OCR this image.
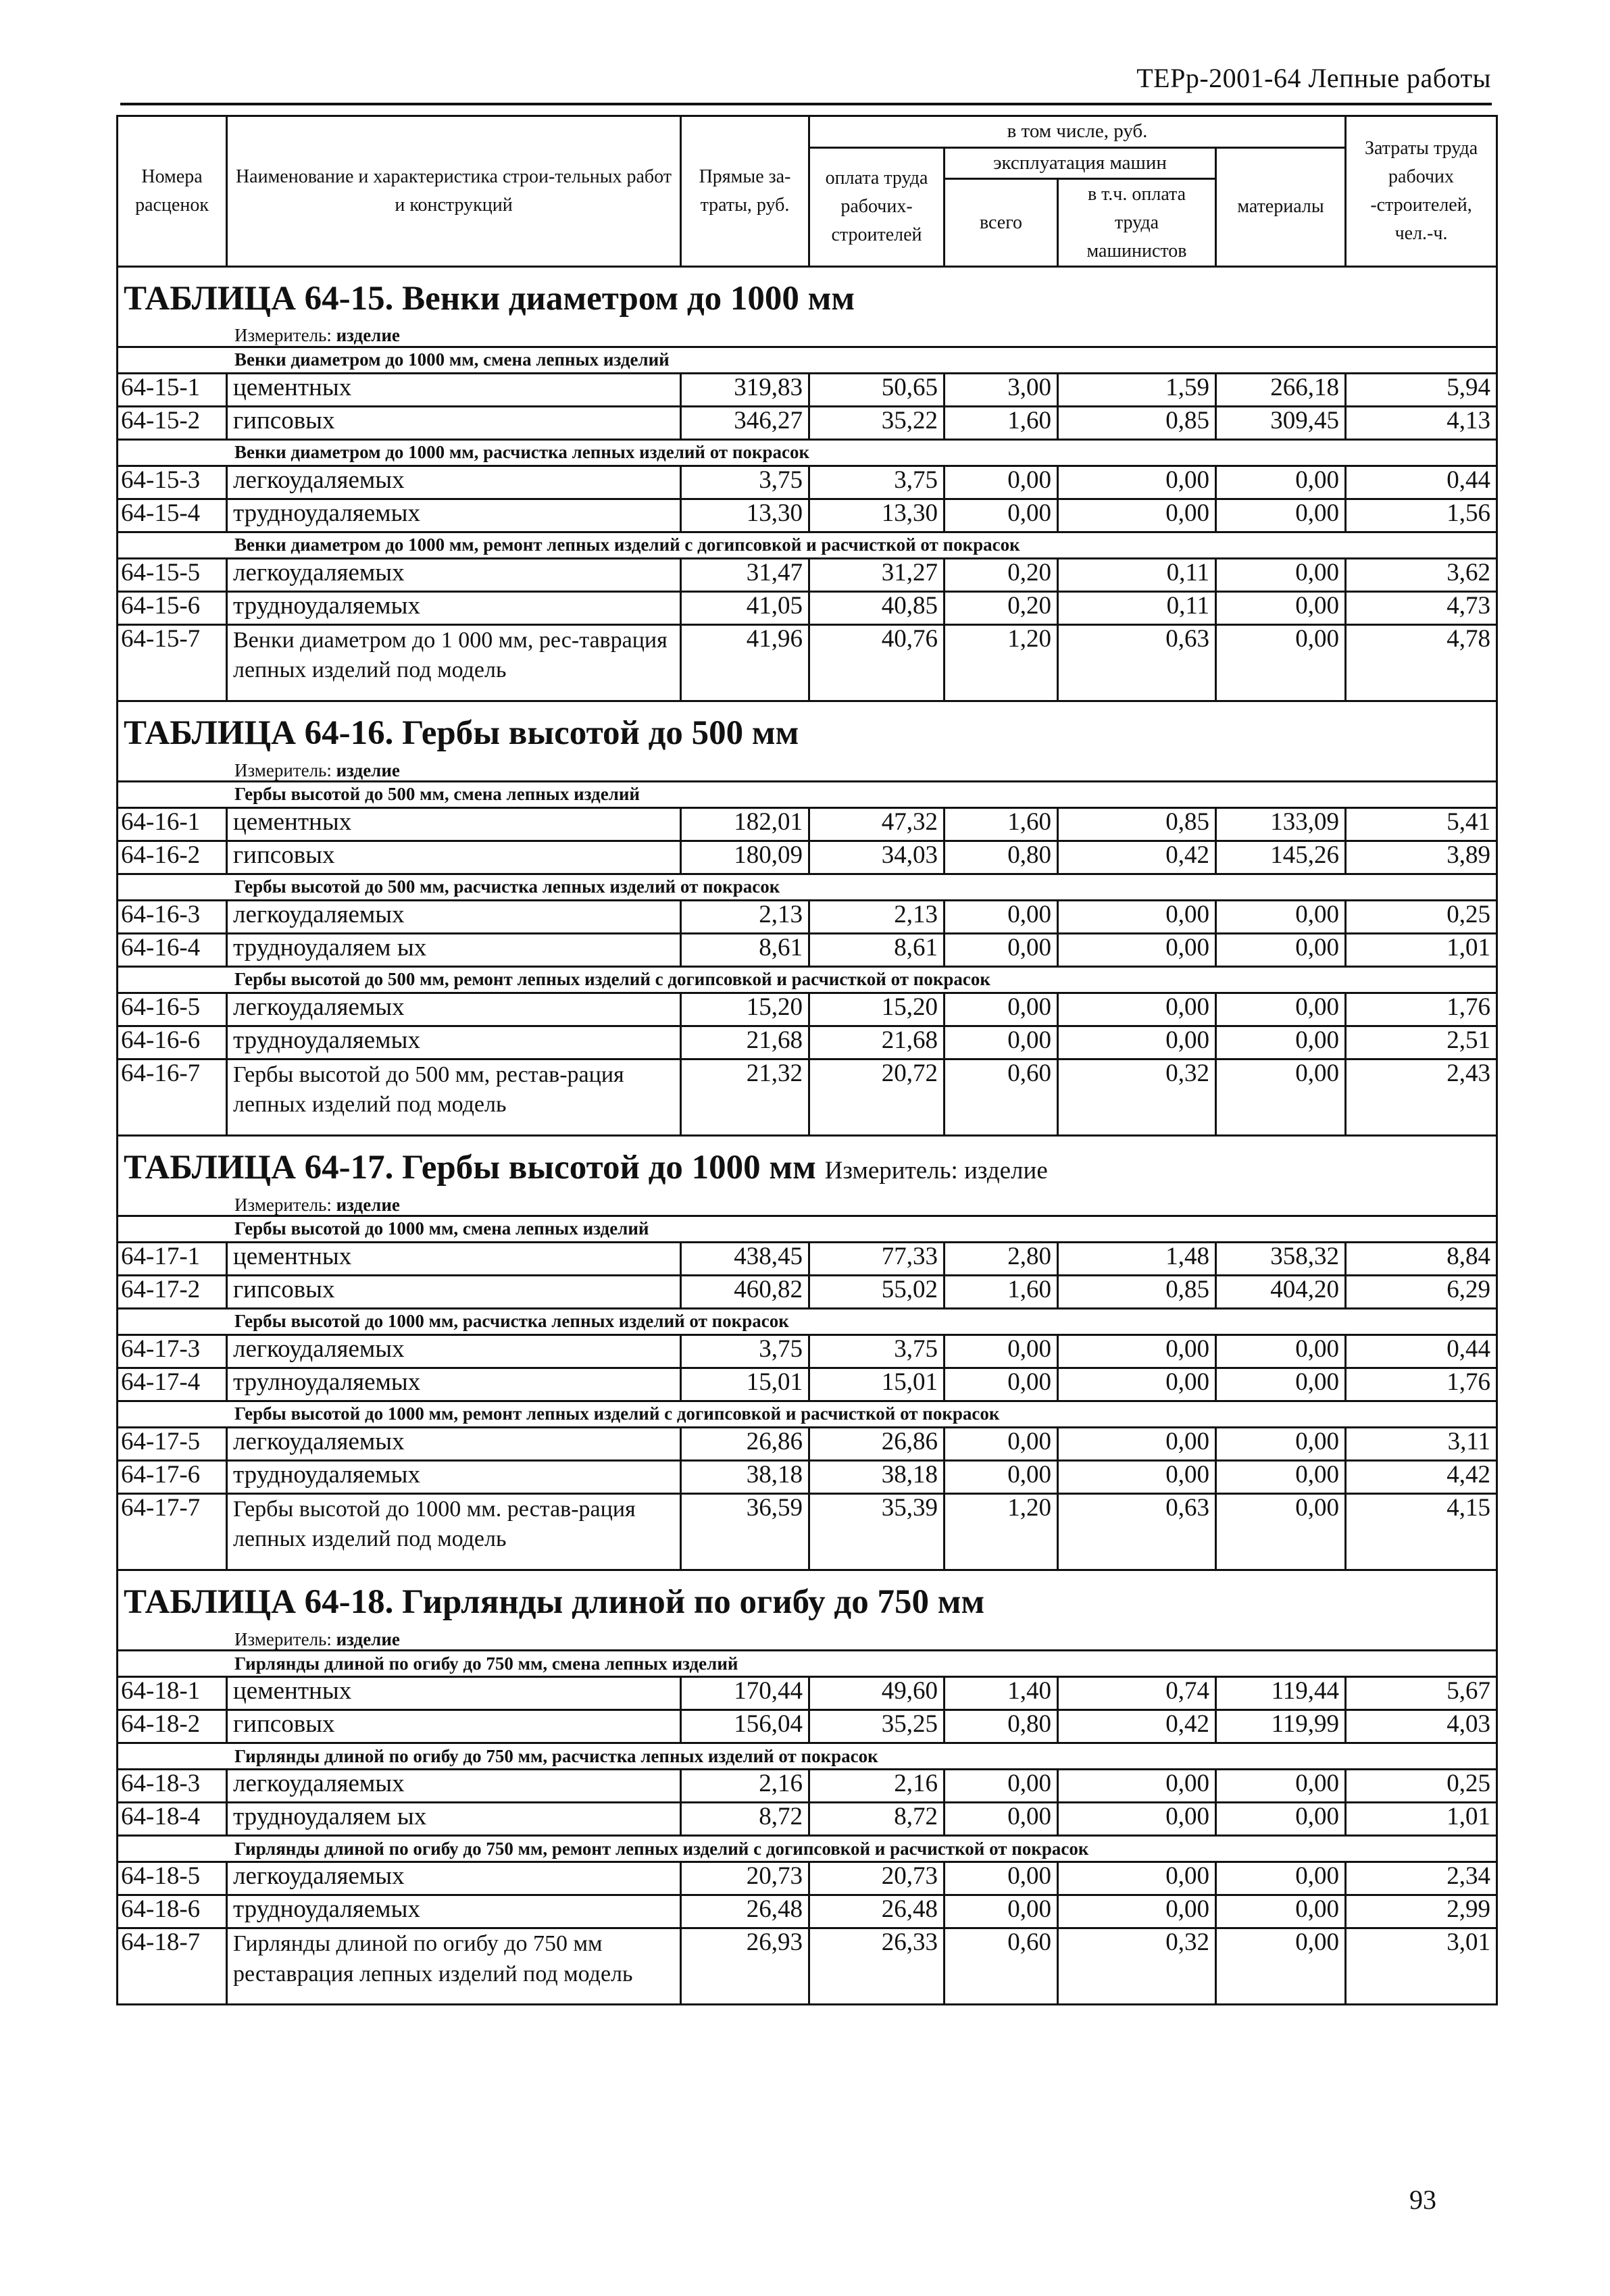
ТЕРр-2001-64 Лепные работы
Номера расценок	Наименование и характеристика строи-тельных работ и конструкций	Прямые за-траты, руб.	в том числе, руб.				Затраты труда рабочих -строителей, чел.-ч.
			оплата труда рабочих-строителей	эксплуатация машин		материалы	
				всего	в т.ч. оплата труда машинистов		
ТАБЛИЦА 64-15. Венки диаметром до 1000 мм							
Измеритель: изделие							
Венки диаметром до 1000 мм, смена лепных изделий							
64-15-1	цементных	319,83	50,65	3,00	1,59	266,18	5,94
64-15-2	гипсовых	346,27	35,22	1,60	0,85	309,45	4,13
Венки диаметром до 1000 мм, расчистка лепных изделий от покрасок							
64-15-3	легкоудаляемых	3,75	3,75	0,00	0,00	0,00	0,44
64-15-4	трудноудаляемых	13,30	13,30	0,00	0,00	0,00	1,56
Венки диаметром до 1000 мм, ремонт лепных изделий с догипсовкой и расчисткой от покрасок							
64-15-5	легкоудаляемых	31,47	31,27	0,20	0,11	0,00	3,62
64-15-6	трудноудаляемых	41,05	40,85	0,20	0,11	0,00	4,73
64-15-7	Венки диаметром до 1 000 мм, рес-тавpация лепных изделий под модель	41,96	40,76	1,20	0,63	0,00	4,78
ТАБЛИЦА 64-16. Гербы высотой до 500 мм							
Измеритель: изделие							
Гербы высотой до 500 мм, смена лепных изделий							
64-16-1	цементных	182,01	47,32	1,60	0,85	133,09	5,41
64-16-2	гипсовых	180,09	34,03	0,80	0,42	145,26	3,89
Гербы высотой до 500 мм, расчистка лепных изделий от покрасок							
64-16-3	легкоудаляемых	2,13	2,13	0,00	0,00	0,00	0,25
64-16-4	трудноудаляем ых	8,61	8,61	0,00	0,00	0,00	1,01
Гербы высотой до 500 мм, ремонт лепных изделий с догипсовкой и расчисткой от покрасок							
64-16-5	легкоудаляемых	15,20	15,20	0,00	0,00	0,00	1,76
64-16-6	трудноудаляемых	21,68	21,68	0,00	0,00	0,00	2,51
64-16-7	Гербы высотой до 500 мм, рестав-рация лепных изделий под модель	21,32	20,72	0,60	0,32	0,00	2,43
ТАБЛИЦА 64-17. Гербы высотой до 1000 мм Измеритель: изделие							
Измеритель: изделие							
Гербы высотой до 1000 мм, смена лепных изделий							
64-17-1	цементных	438,45	77,33	2,80	1,48	358,32	8,84
64-17-2	гипсовых	460,82	55,02	1,60	0,85	404,20	6,29
Гербы высотой до 1000 мм, расчистка лепных изделий от покрасок							
64-17-3	легкоудаляемых	3,75	3,75	0,00	0,00	0,00	0,44
64-17-4	трулноудаляемых	15,01	15,01	0,00	0,00	0,00	1,76
Гербы высотой до 1000 мм, ремонт лепных изделий с догипсовкой и расчисткой от покрасок							
64-17-5	легкоудаляемых	26,86	26,86	0,00	0,00	0,00	3,11
64-17-6	трудноудаляемых	38,18	38,18	0,00	0,00	0,00	4,42
64-17-7	Гербы высотой до 1000 мм. рестав-рация лепных изделий под модель	36,59	35,39	1,20	0,63	0,00	4,15
ТАБЛИЦА 64-18. Гирлянды длиной по огибу до 750 мм							
Измеритель: изделие							
Гирлянды длиной по огибу до 750 мм, смена лепных изделий							
64-18-1	цементных	170,44	49,60	1,40	0,74	119,44	5,67
64-18-2	гипсовых	156,04	35,25	0,80	0,42	119,99	4,03
Гирлянды длиной по огибу до 750 мм, расчистка лепных изделий от покрасок							
64-18-3	легкоудаляемых	2,16	2,16	0,00	0,00	0,00	0,25
64-18-4	трудноудаляем ых	8,72	8,72	0,00	0,00	0,00	1,01
Гирлянды длиной по огибу до 750 мм, ремонт лепных изделий с догипсовкой и расчисткой от покрасок							
64-18-5	легкоудаляемых	20,73	20,73	0,00	0,00	0,00	2,34
64-18-6	трудноудаляемых	26,48	26,48	0,00	0,00	0,00	2,99
64-18-7	Гирлянды длиной по огибу до 750 мм реставрация лепных изделий под модель	26,93	26,33	0,60	0,32	0,00	3,01
93
